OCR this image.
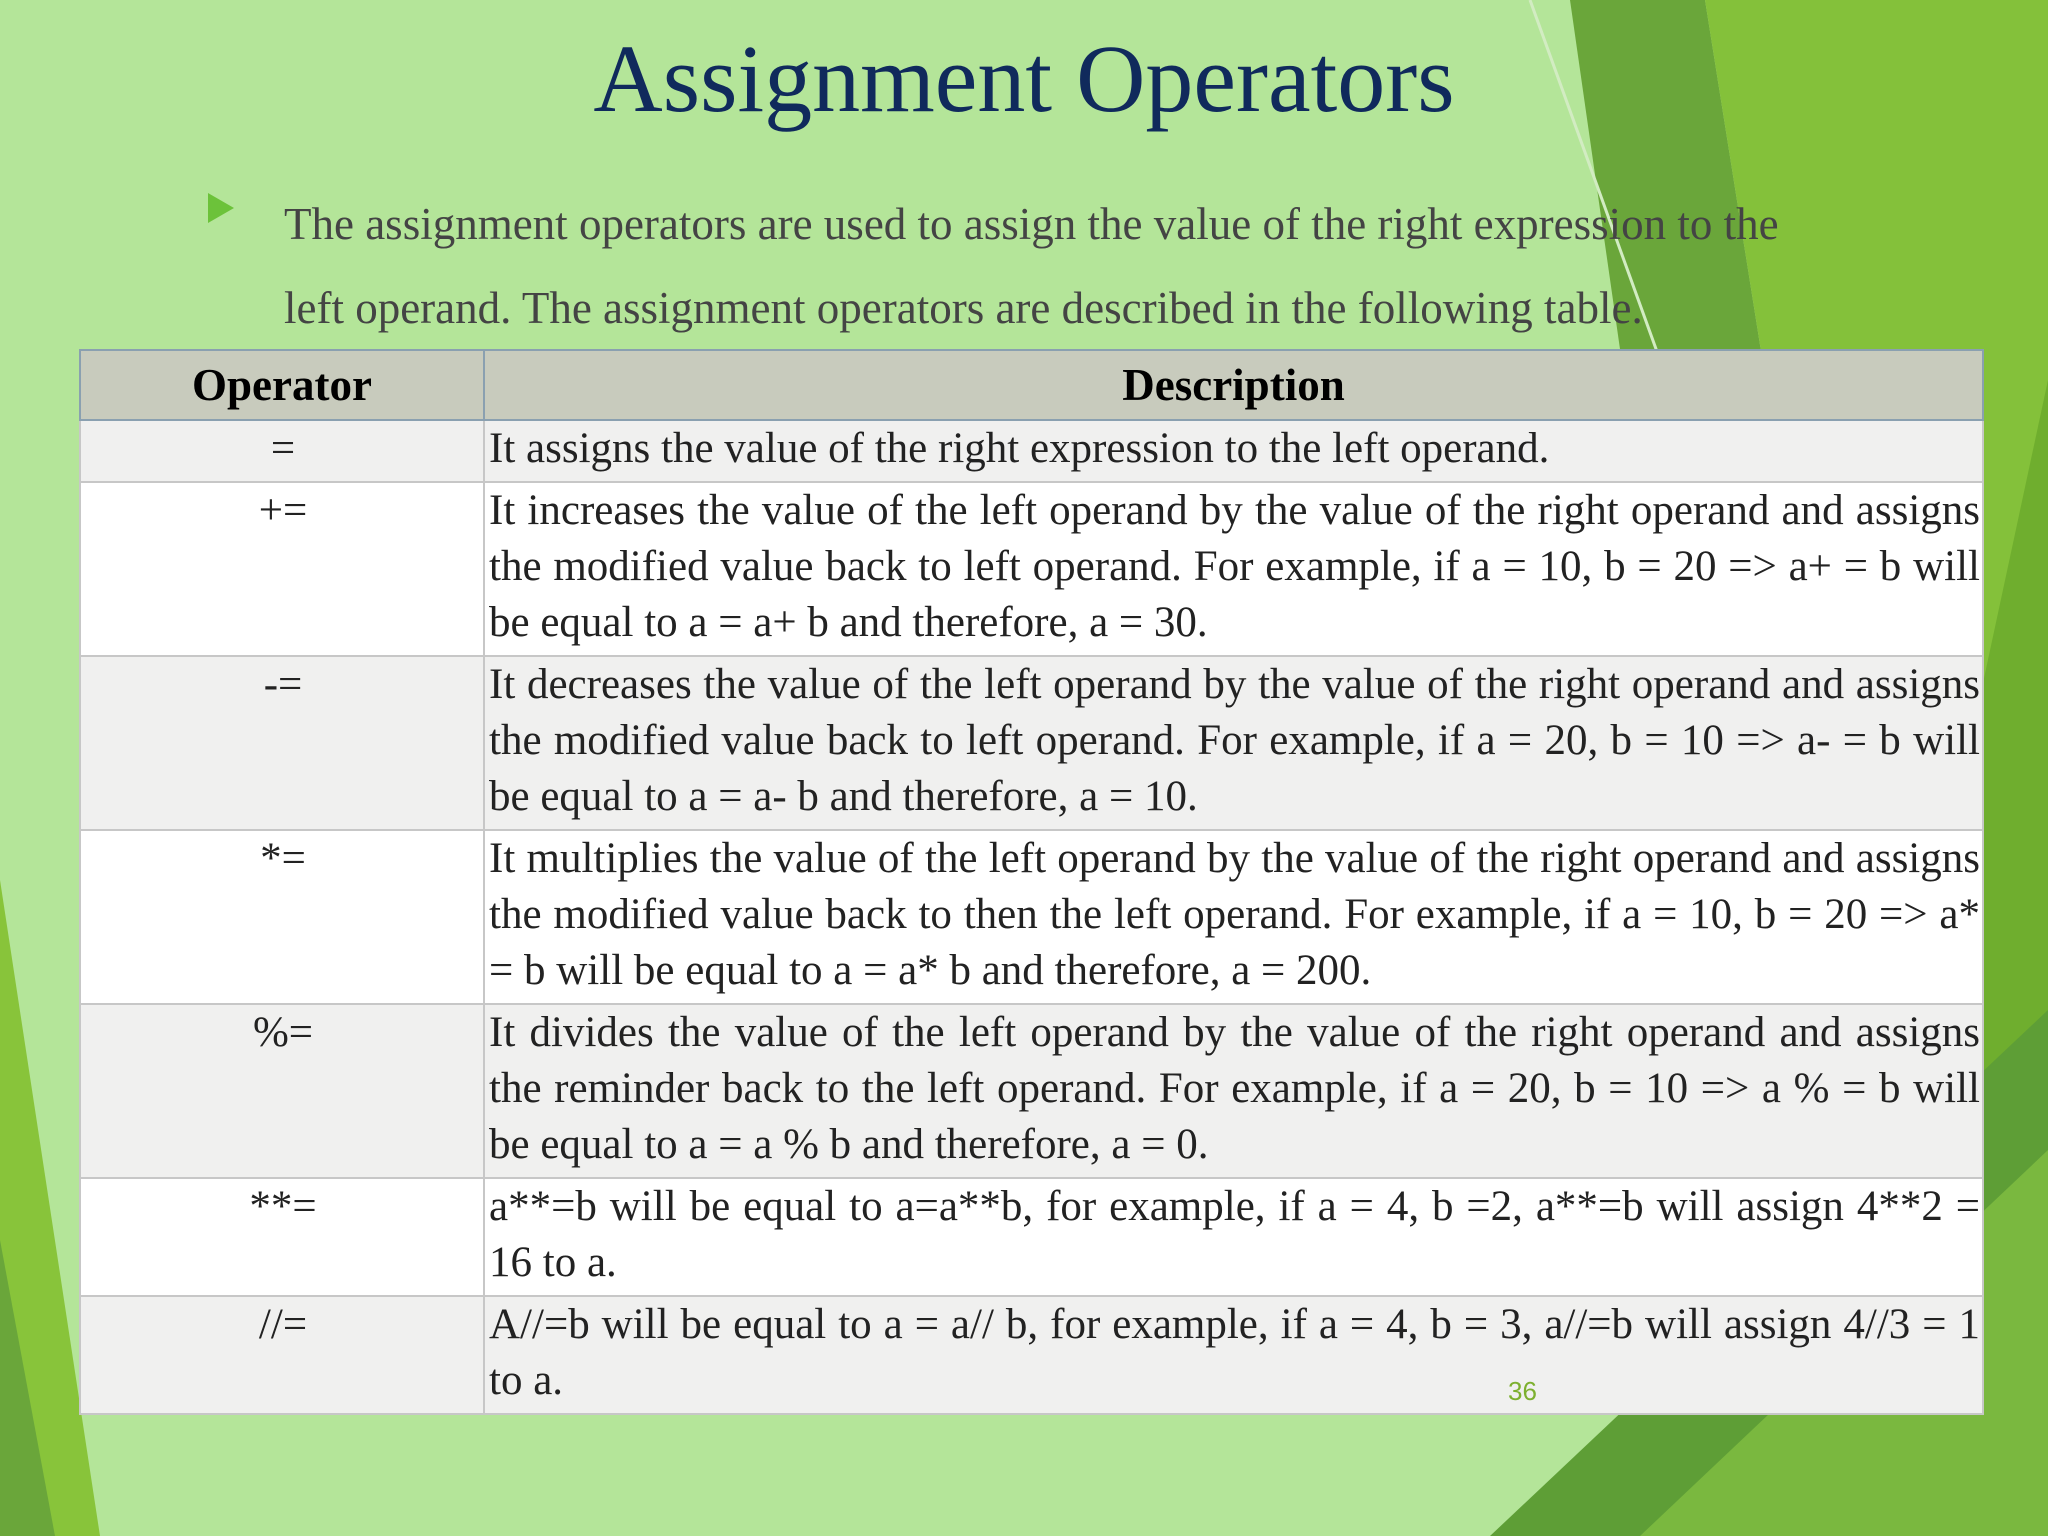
Assignment Operators

The assignment operators are used to assign the value of the right expression to the left operand. The assignment operators are described in the following table.

Operator	Description
=	It assigns the value of the right expression to the left operand.
+=	It increases the value of the left operand by the value of the right operand and assigns the modified value back to left operand. For example, if a = 10, b = 20 => a+ = b will be equal to a = a+ b and therefore, a = 30.
-=	It decreases the value of the left operand by the value of the right operand and assigns the modified value back to left operand. For example, if a = 20, b = 10 => a- = b will be equal to a = a- b and therefore, a = 10.
*=	It multiplies the value of the left operand by the value of the right operand and assigns the modified value back to then the left operand. For example, if a = 10, b = 20 => a* = b will be equal to a = a* b and therefore, a = 200.
%=	It divides the value of the left operand by the value of the right operand and assigns the reminder back to the left operand. For example, if a = 20, b = 10 => a % = b will be equal to a = a % b and therefore, a = 0.
**=	a**=b will be equal to a=a**b, for example, if a = 4, b =2, a**=b will assign 4**2 = 16 to a.
//=	A//=b will be equal to a = a// b, for example, if a = 4, b = 3, a//=b will assign 4//3 = 1 to a.	36
